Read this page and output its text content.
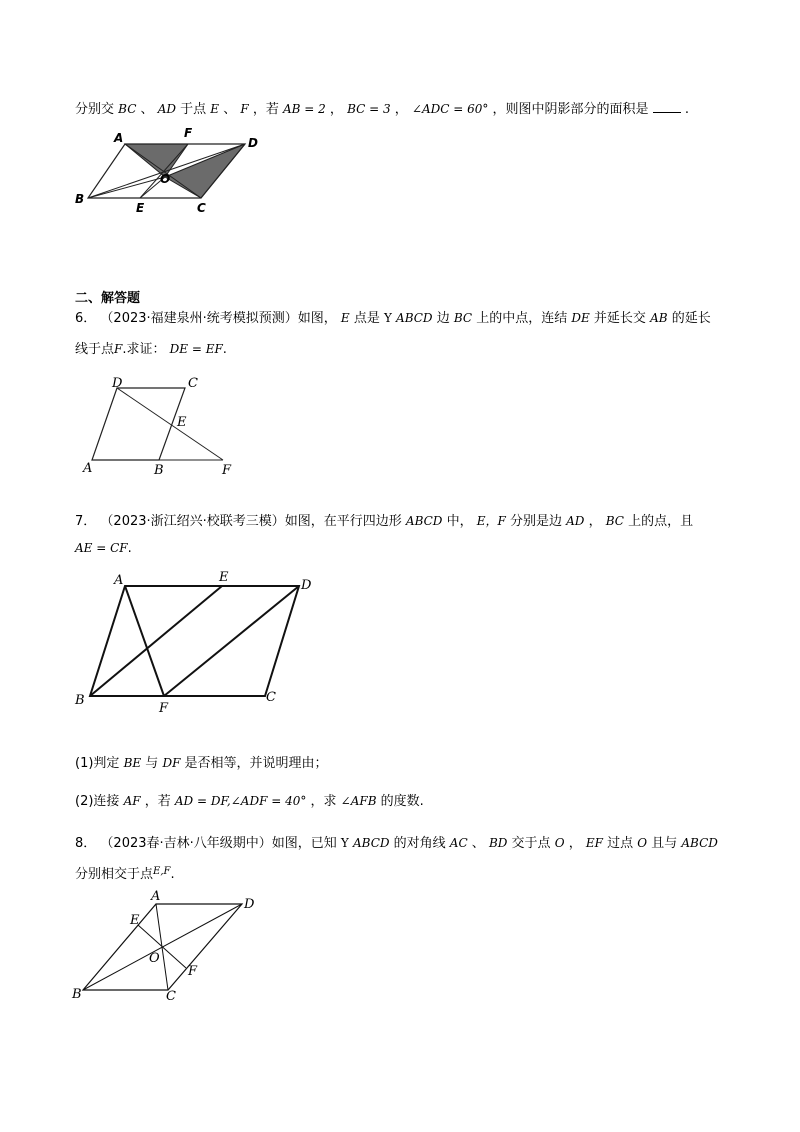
分别交 BC 、 AD 于点 E 、 F ，若 AB = 2 ， BC = 3 ， ∠ADC = 60° ，则图中阴影部分的面积是	.
A	F
D
O
B
E	C
二、解答题
6． （2023·福建泉州·统考模拟预测）如图， E 点是 Y ABCD 边 BC 上的中点，连结 DE 并延长交 AB 的延长
线于点F.求证： DE = EF.
D	C
E
A	B	F
7． （2023·浙江绍兴·校联考三模）如图，在平行四边形 ABCD 中， E，F 分别是边 AD ， BC 上的点，且
AE = CF.
A	E
D
B
F
C
(1)判定 BE 与 DF 是否相等，并说明理由；
(2)连接 AF ，若 AD = DF,∠ADF = 40° ，求 ∠AFB 的度数.
8． （2023春·吉林·八年级期中）如图，已知 Y ABCD 的对角线 AC 、 BD 交于点 O ， EF 过点 O 且与 ABCD
分别相交于点$^{E,F}$.
A
D
E
O
F
B	C
